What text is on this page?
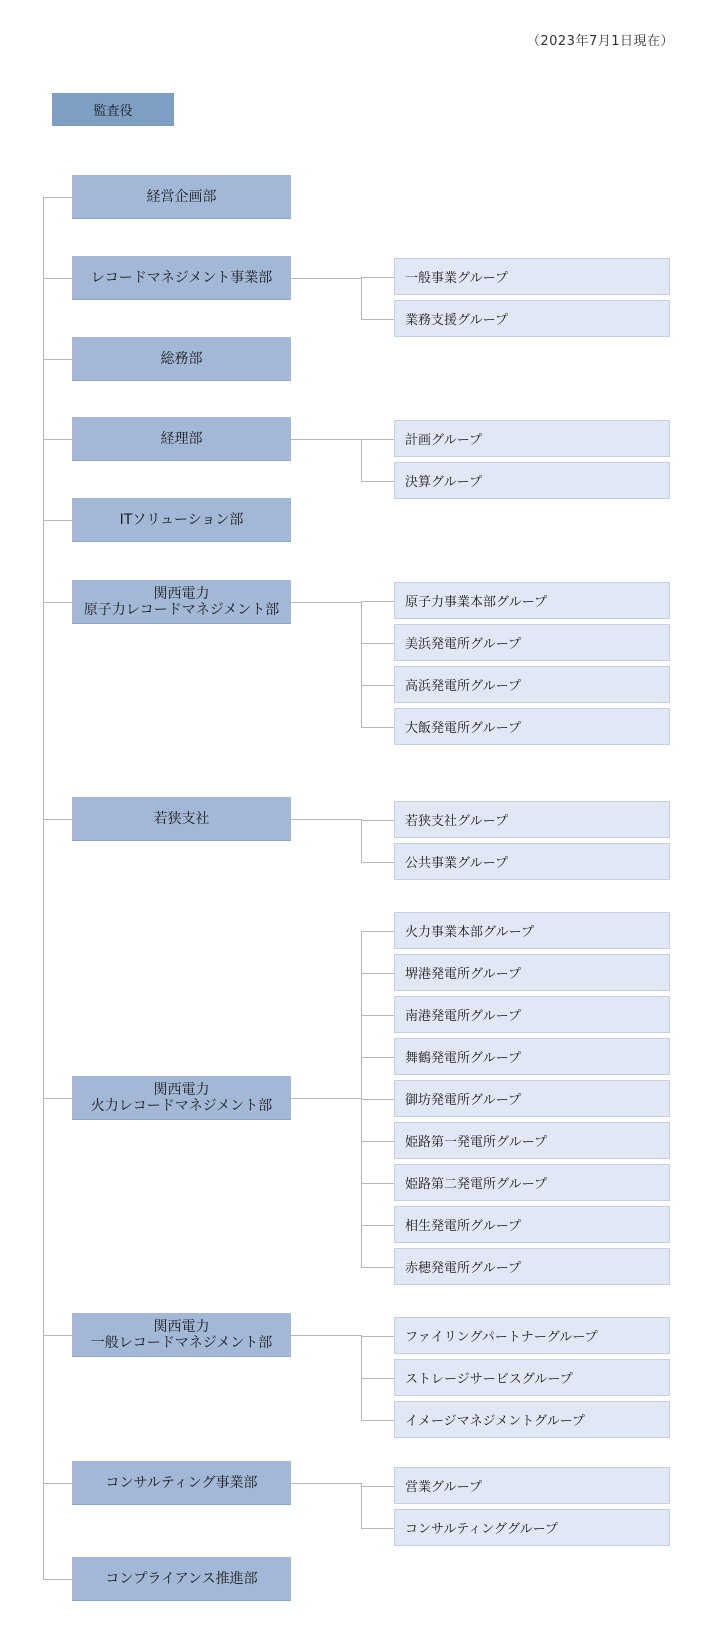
（2023年7月1日現在）
監査役
経営企画部
レコードマネジメント事業部	一般事業グループ
業務支援グループ
総務部
経理部	計画グループ
決算グループ
ITソリューション部
関西電力
原子力レコードマネジメント部	原子力事業本部グループ
美浜発電所グループ
高浜発電所グループ
大飯発電所グループ
若狭支社	若狭支社グループ
公共事業グループ
関西電力
火力レコードマネジメント部
火力事業本部グループ
堺港発電所グループ
南港発電所グループ
舞鶴発電所グループ
御坊発電所グループ
姫路第一発電所グループ
姫路第二発電所グループ
相生発電所グループ
赤穂発電所グループ
関西電力
一般レコードマネジメント部	ファイリングパートナーグループ
ストレージサービスグループ
イメージマネジメントグループ
コンサルティング事業部	営業グループ
コンサルティンググループ
コンプライアンス推進部
